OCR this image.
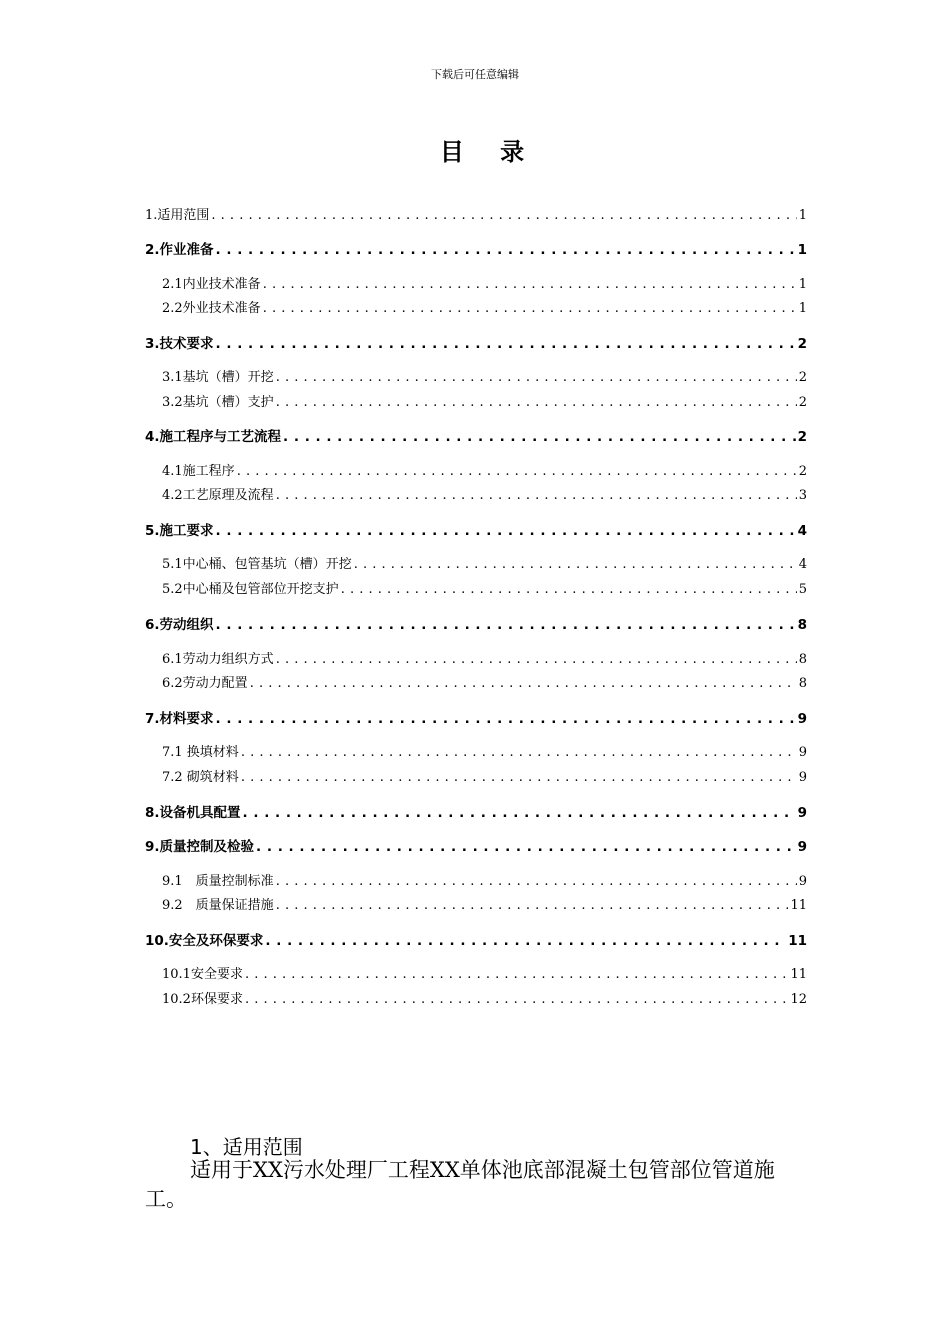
下载后可任意编辑
目 录
1.适用范围 . . .	1
2.作业准备 . . .	1
2.1内业技术准备 . . .	1
2.2外业技术准备 . . .	1
3.技术要求 . . .	2
3.1基坑（槽）开挖 . . .	2
3.2基坑（槽）支护 . . .	2
4.施工程序与工艺流程 . . .	2
4.1施工程序 . . .	2
4.2工艺原理及流程 . . .	3
5.施工要求 . . .	4
5.1中心桶、包管基坑（槽）开挖 . . .	4
5.2中心桶及包管部位开挖支护 . . .	5
6.劳动组织 . . .	8
6.1劳动力组织方式 . . .	8
6.2劳动力配置 . . .	8
7.材料要求 . . .	9
7.1 换填材料 . . .	9
7.2 砌筑材料 . . .	9
8.设备机具配置 . . .	9
9.质量控制及检验 . . .	9
9.1　质量控制标准 . . .	9
9.2　质量保证措施 . . .	11
10.安全及环保要求 . . .	11
10.1安全要求 . . .	11
10.2环保要求 . . .	12
1、适用范围
适用于XX污水处理厂工程XX单体池底部混凝土包管部位管道施工。
